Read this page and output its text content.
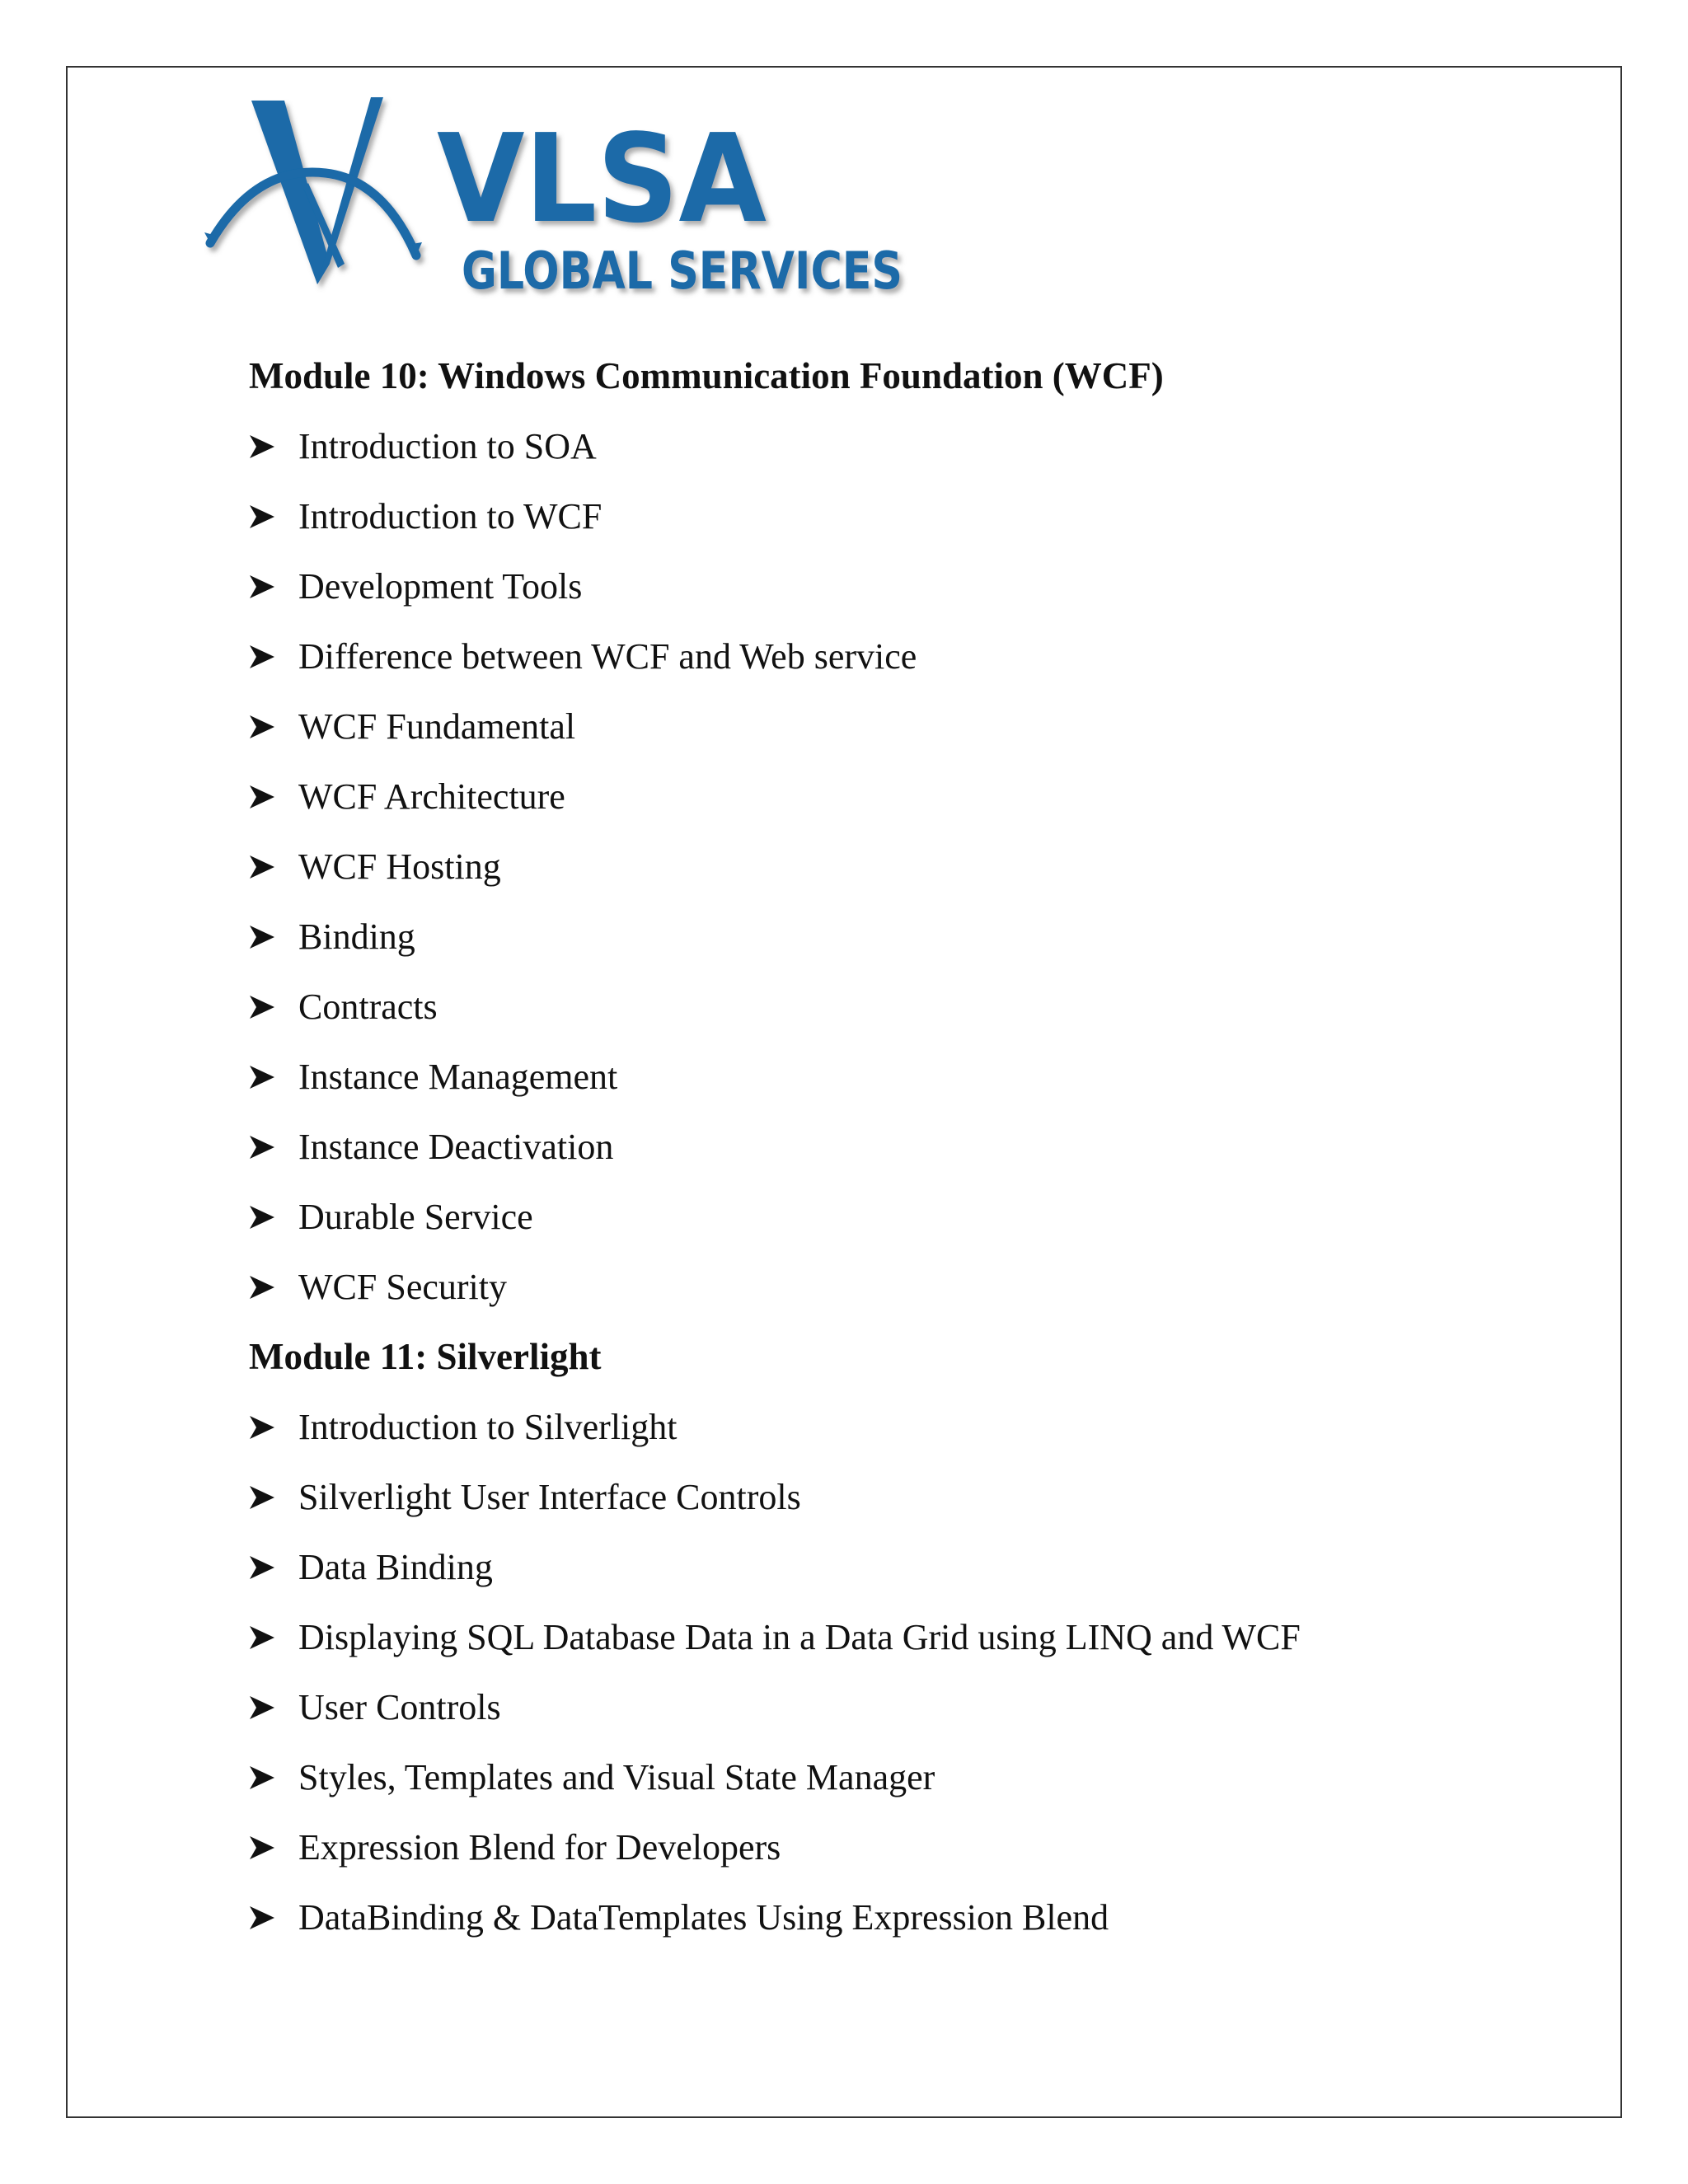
VLSA
GLOBAL SERVICES
Module 10: Windows Communication Foundation (WCF)
Introduction to SOA
Introduction to WCF
Development Tools
Difference between WCF and Web service
WCF Fundamental
WCF Architecture
WCF Hosting
Binding
Contracts
Instance Management
Instance Deactivation
Durable Service
WCF Security
Module 11: Silverlight
Introduction to Silverlight
Silverlight User Interface Controls
Data Binding
Displaying SQL Database Data in a Data Grid using LINQ and WCF
User Controls
Styles, Templates and Visual State Manager
Expression Blend for Developers
DataBinding & DataTemplates Using Expression Blend
